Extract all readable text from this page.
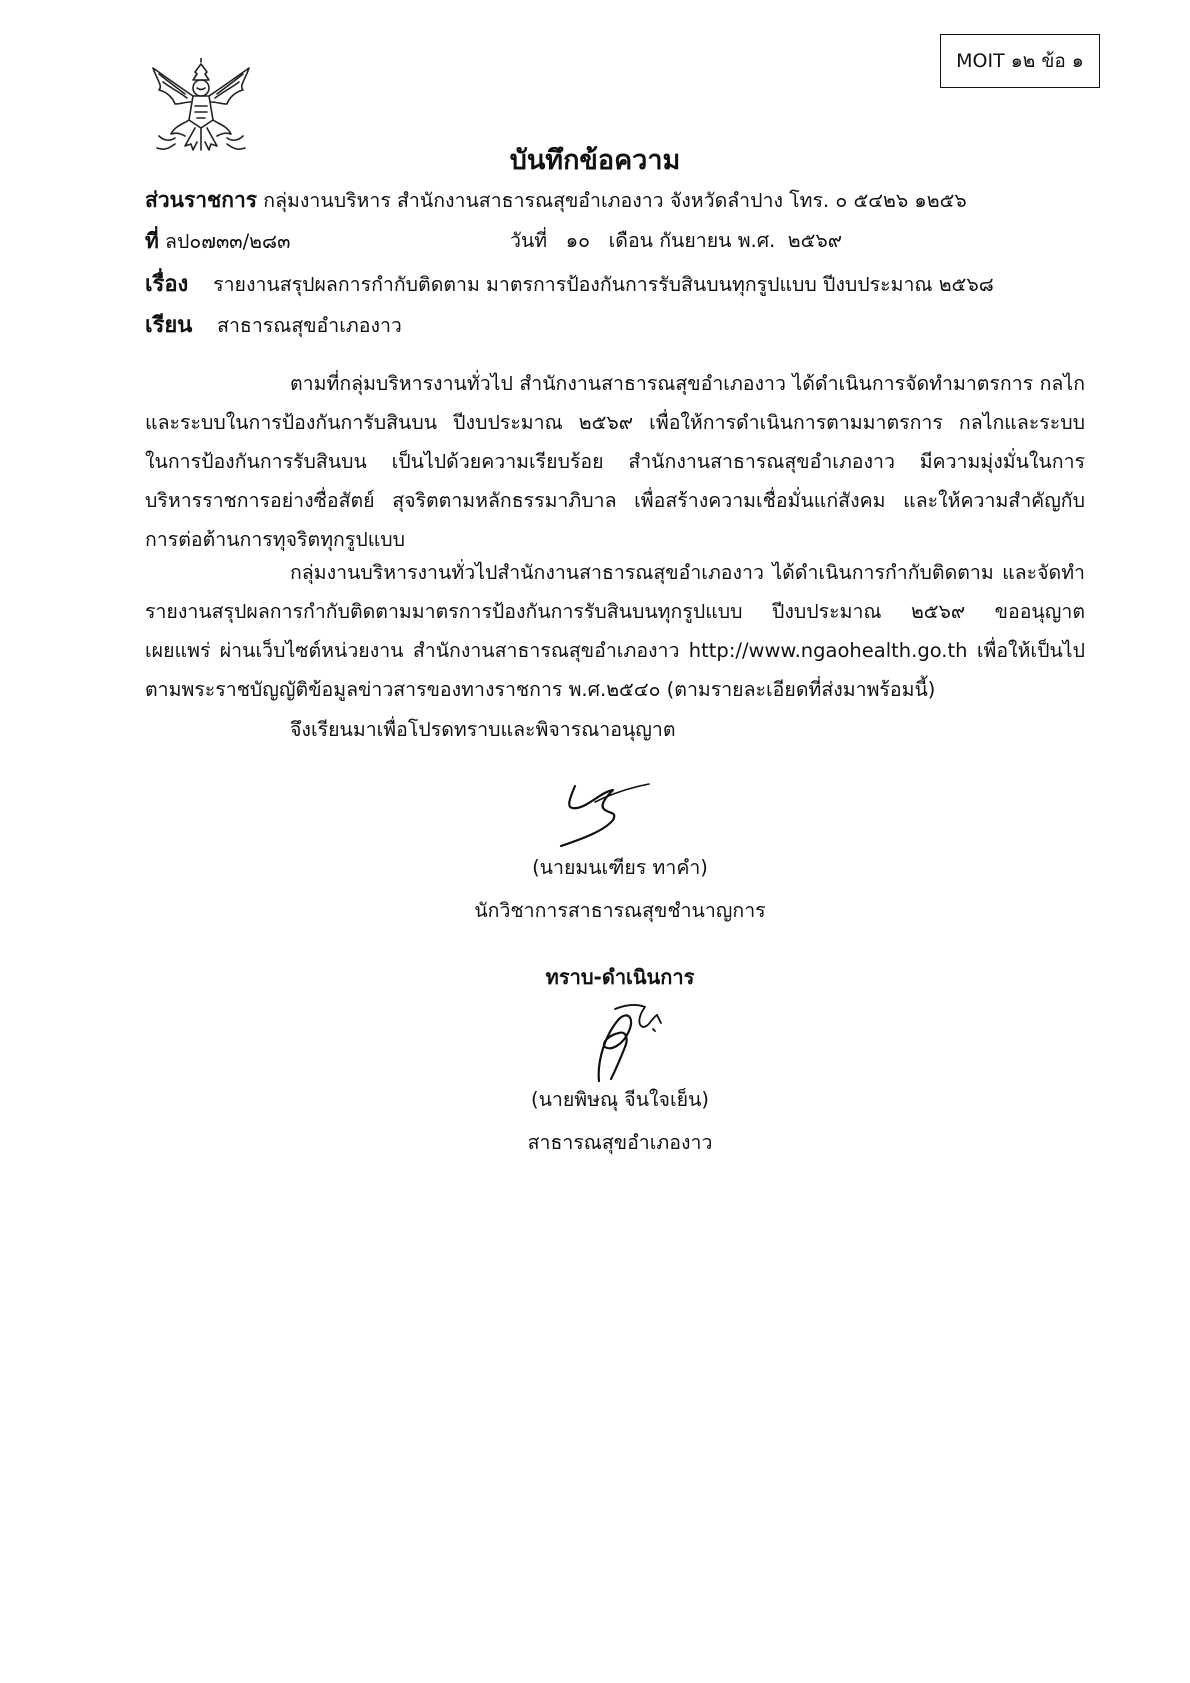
MOIT ๑๒ ข้อ ๑
บันทึกข้อความ
ส่วนราชการ กลุ่มงานบริหาร สำนักงานสาธารณสุขอำเภองาว จังหวัดลำปาง โทร. ๐ ๕๔๒๖ ๑๒๕๖
ที่ ลป๐๗๓๓/๒๘๓	วันที่ ๑๐ เดือน กันยายน พ.ศ. ๒๕๖๙
เรื่อง รายงานสรุปผลการกำกับติดตาม มาตรการป้องกันการรับสินบนทุกรูปแบบ ปีงบประมาณ ๒๕๖๘
เรียน สาธารณสุขอำเภองาว
ตามที่กลุ่มบริหารงานทั่วไป สำนักงานสาธารณสุขอำเภองาว ได้ดำเนินการจัดทำมาตรการ กลไก
และระบบในการป้องกันการับสินบน ปีงบประมาณ ๒๕๖๙ เพื่อให้การดำเนินการตามมาตรการ กลไกและระบบ
ในการป้องกันการรับสินบน เป็นไปด้วยความเรียบร้อย สำนักงานสาธารณสุขอำเภองาว มีความมุ่งมั่นในการ
บริหารราชการอย่างซื่อสัตย์ สุจริตตามหลักธรรมาภิบาล เพื่อสร้างความเชื่อมั่นแก่สังคม และให้ความสำคัญกับ
การต่อต้านการทุจริตทุกรูปแบบ
กลุ่มงานบริหารงานทั่วไปสำนักงานสาธารณสุขอำเภองาว ได้ดำเนินการกำกับติดตาม และจัดทำ
รายงานสรุปผลการกำกับติดตามมาตรการป้องกันการรับสินบนทุกรูปแบบ ปีงบประมาณ ๒๕๖๙ ขออนุญาต
เผยแพร่ ผ่านเว็บไซต์หน่วยงาน สำนักงานสาธารณสุขอำเภองาว http://www.ngaohealth.go.th เพื่อให้เป็นไป
ตามพระราชบัญญัติข้อมูลข่าวสารของทางราชการ พ.ศ.๒๕๔๐ (ตามรายละเอียดที่ส่งมาพร้อมนี้)
จึงเรียนมาเพื่อโปรดทราบและพิจารณาอนุญาต
(นายมนเฑียร ทาคำ)
นักวิชาการสาธารณสุขชำนาญการ
ทราบ-ดำเนินการ
(นายพิษณุ จีนใจเย็น)
สาธารณสุขอำเภองาว
